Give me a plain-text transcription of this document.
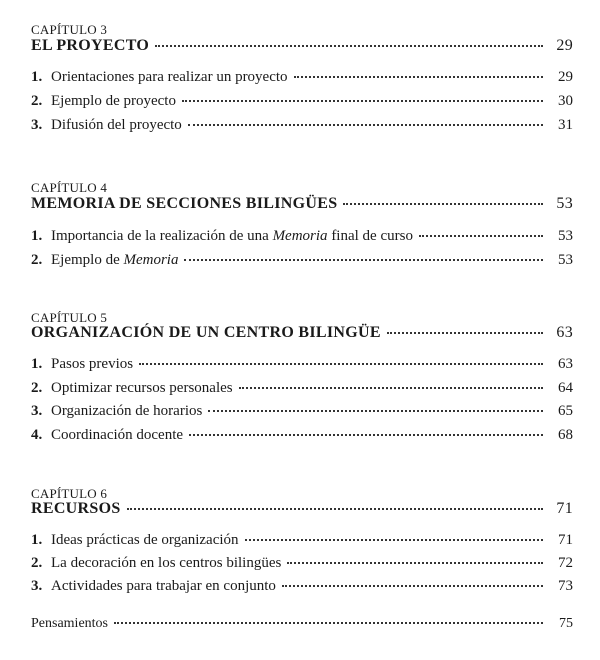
CAPÍTULO 3
EL PROYECTO	29
1. Orientaciones para realizar un proyecto	29
2. Ejemplo de proyecto	30
3. Difusión del proyecto	31
CAPÍTULO 4
MEMORIA DE SECCIONES BILINGÜES	53
1. Importancia de la realización de una Memoria final de curso	53
2. Ejemplo de Memoria	53
CAPÍTULO 5
ORGANIZACIÓN DE UN CENTRO BILINGÜE	63
1. Pasos previos	63
2. Optimizar recursos personales	64
3. Organización de horarios	65
4. Coordinación docente	68
CAPÍTULO 6
RECURSOS	71
1. Ideas prácticas de organización	71
2. La decoración en los centros bilingües	72
3. Actividades para trabajar en conjunto	73
Pensamientos	75
